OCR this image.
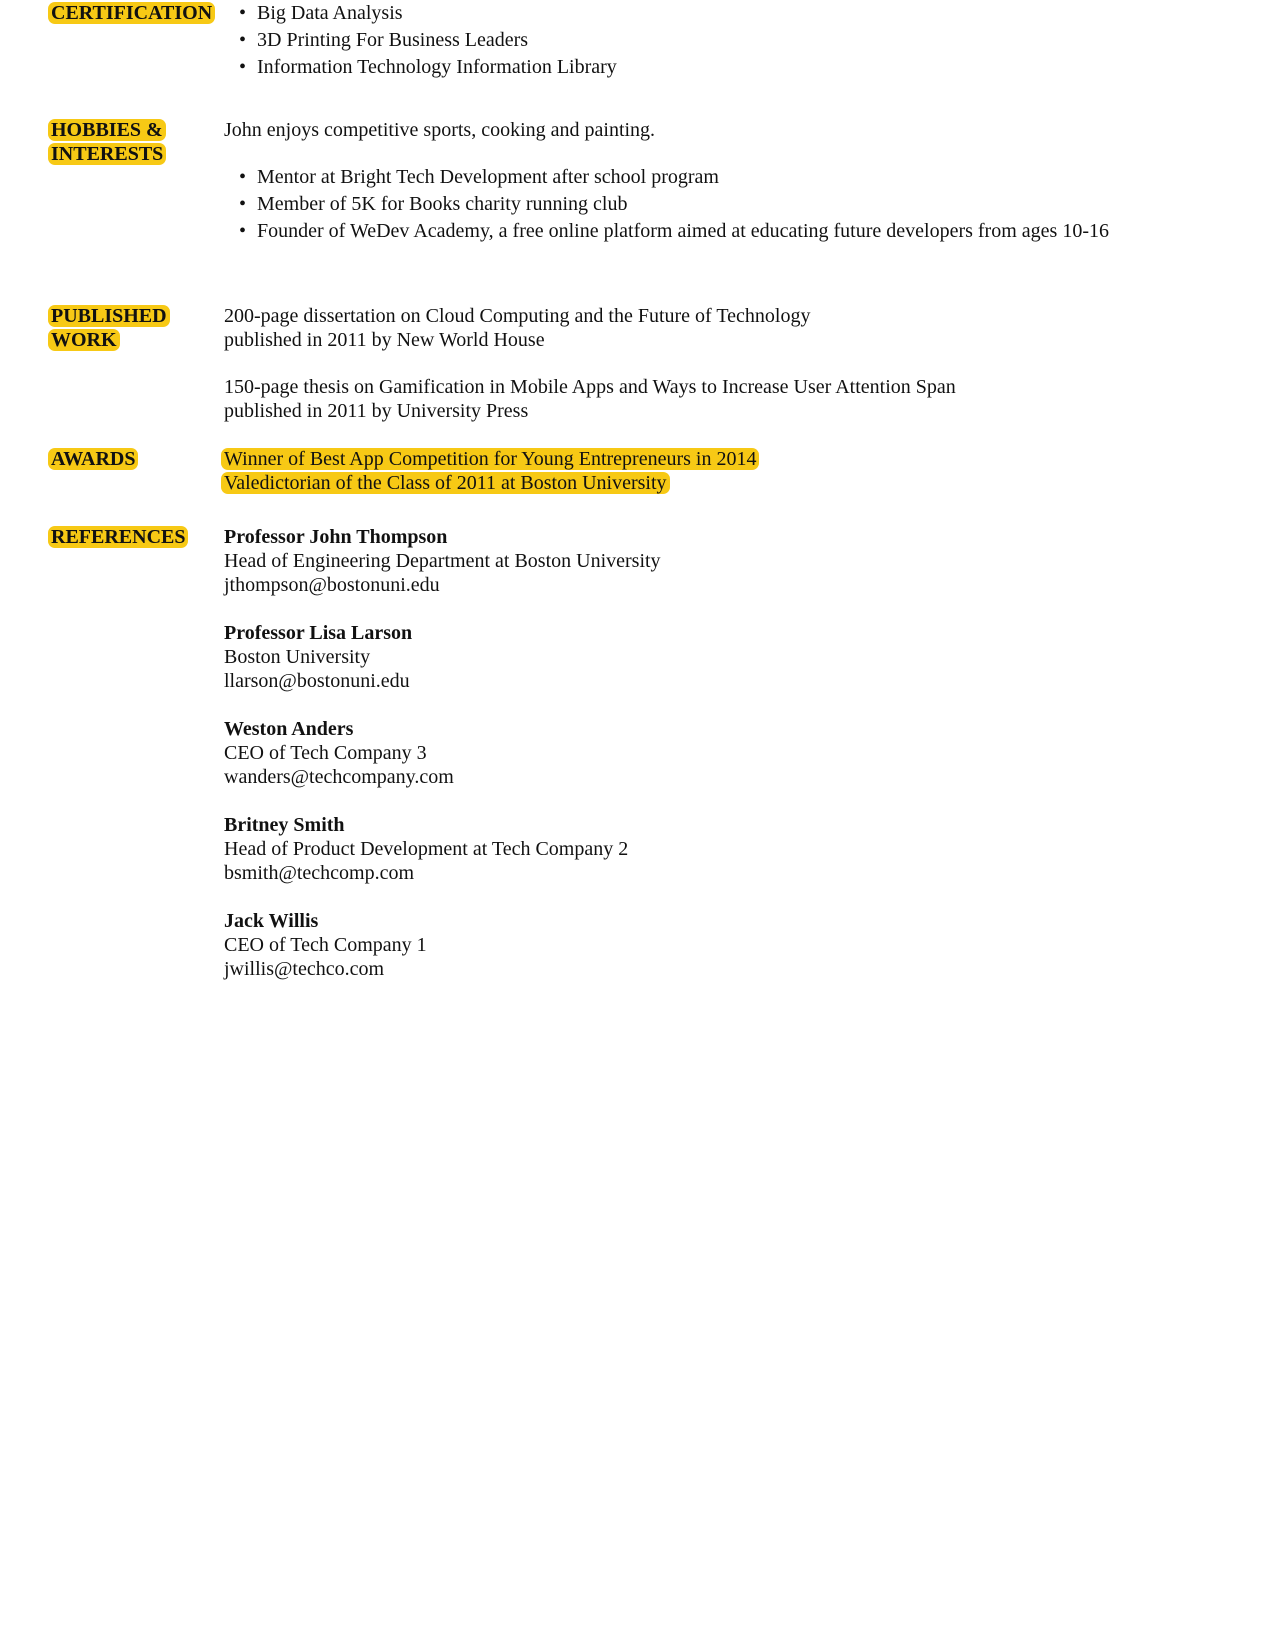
CERTIFICATION • Big Data Analysis
• 3D Printing For Business Leaders
• Information Technology Information Library
HOBBIES &
INTERESTS
John enjoys competitive sports, cooking and painting.
• Mentor at Bright Tech Development after school program
• Member of 5K for Books charity running club
• Founder of WeDev Academy, a free online platform aimed at educating future developers from ages 10-16
PUBLISHED
WORK
200-page dissertation on Cloud Computing and the Future of Technology
published in 2011 by New World House
150-page thesis on Gamification in Mobile Apps and Ways to Increase User Attention Span
published in 2011 by University Press
AWARDS	Winner of Best App Competition for Young Entrepreneurs in 2014
Valedictorian of the Class of 2011 at Boston University
REFERENCES Professor John Thompson
Head of Engineering Department at Boston University
jthompson@bostonuni.edu
Professor Lisa Larson
Boston University
llarson@bostonuni.edu
Weston Anders
CEO of Tech Company 3
wanders@techcompany.com
Britney Smith
Head of Product Development at Tech Company 2
bsmith@techcomp.com
Jack Willis
CEO of Tech Company 1
jwillis@techco.com
